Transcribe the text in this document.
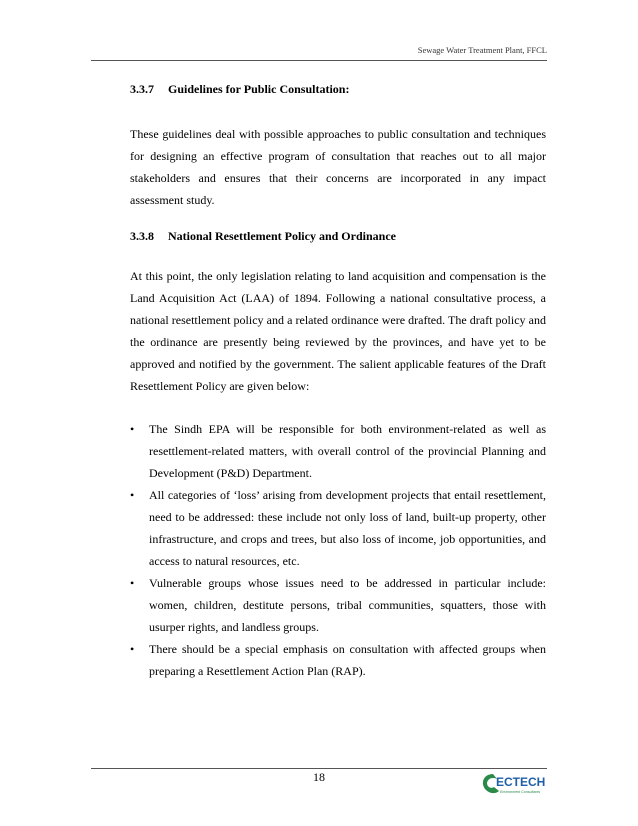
Sewage Water Treatment Plant, FFCL
3.3.7 Guidelines for Public Consultation:

These guidelines deal with possible approaches to public consultation and techniques for designing an effective program of consultation that reaches out to all major stakeholders and ensures that their concerns are incorporated in any impact assessment study.

3.3.8 National Resettlement Policy and Ordinance

At this point, the only legislation relating to land acquisition and compensation is the Land Acquisition Act (LAA) of 1894. Following a national consultative process, a national resettlement policy and a related ordinance were drafted. The draft policy and the ordinance are presently being reviewed by the provinces, and have yet to be approved and notified by the government. The salient applicable features of the Draft Resettlement Policy are given below:

• The Sindh EPA will be responsible for both environment-related as well as resettlement-related matters, with overall control of the provincial Planning and Development (P&D) Department.
• All categories of ‘loss’ arising from development projects that entail resettlement, need to be addressed: these include not only loss of land, built-up property, other infrastructure, and crops and trees, but also loss of income, job opportunities, and access to natural resources, etc.
• Vulnerable groups whose issues need to be addressed in particular include: women, children, destitute persons, tribal communities, squatters, those with usurper rights, and landless groups.
• There should be a special emphasis on consultation with affected groups when preparing a Resettlement Action Plan (RAP).
18	ECTECH
Environment Consultants
